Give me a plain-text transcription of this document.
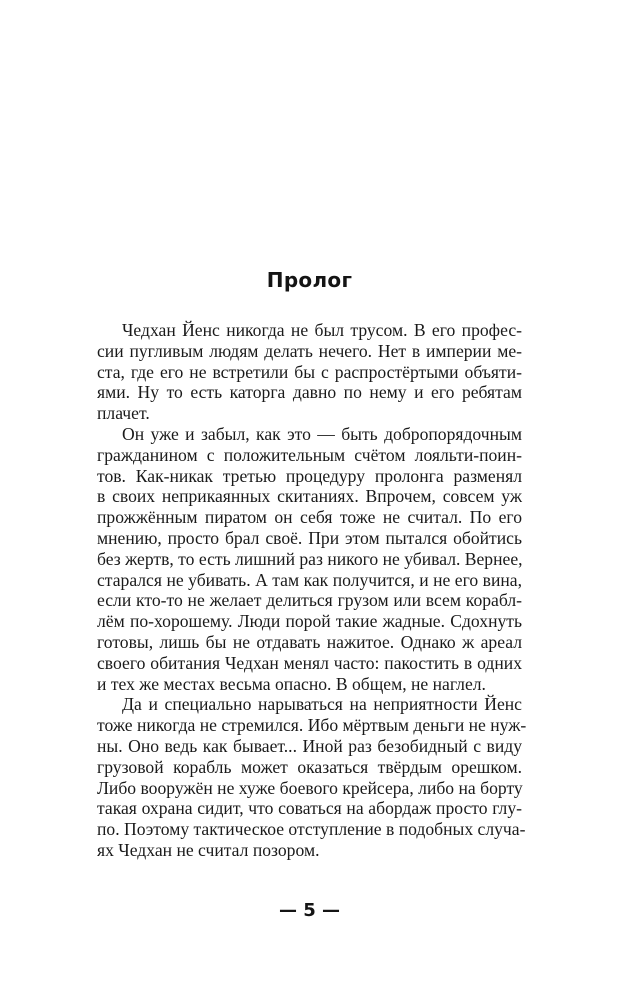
Пролог
Чедхан Йенс никогда не был трусом. В его профес-
сии пугливым людям делать нечего. Нет в империи ме-
ста, где его не встретили бы с распростёртыми объяти-
ями. Ну то есть каторга давно по нему и его ребятам
плачет.
Он уже и забыл, как это — быть добропорядочным
гражданином с положительным счётом лояльти-поин-
тов. Как-никак третью процедуру пролонга разменял
в своих неприкаянных скитаниях. Впрочем, совсем уж
прожжённым пиратом он себя тоже не считал. По его
мнению, просто брал своё. При этом пытался обойтись
без жертв, то есть лишний раз никого не убивал. Вернее,
старался не убивать. А там как получится, и не его вина,
если кто-то не желает делиться грузом или всем корабл-
лём по-хорошему. Люди порой такие жадные. Сдохнуть
готовы, лишь бы не отдавать нажитое. Однако ж ареал
своего обитания Чедхан менял часто: пакостить в одних
и тех же местах весьма опасно. В общем, не наглел.
Да и специально нарываться на неприятности Йенс
тоже никогда не стремился. Ибо мёртвым деньги не нуж-
ны. Оно ведь как бывает... Иной раз безобидный с виду
грузовой корабль может оказаться твёрдым орешком.
Либо вооружён не хуже боевого крейсера, либо на борту
такая охрана сидит, что соваться на абордаж просто глу-
по. Поэтому тактическое отступление в подобных случа-
ях Чедхан не считал позором.
— 5 —
